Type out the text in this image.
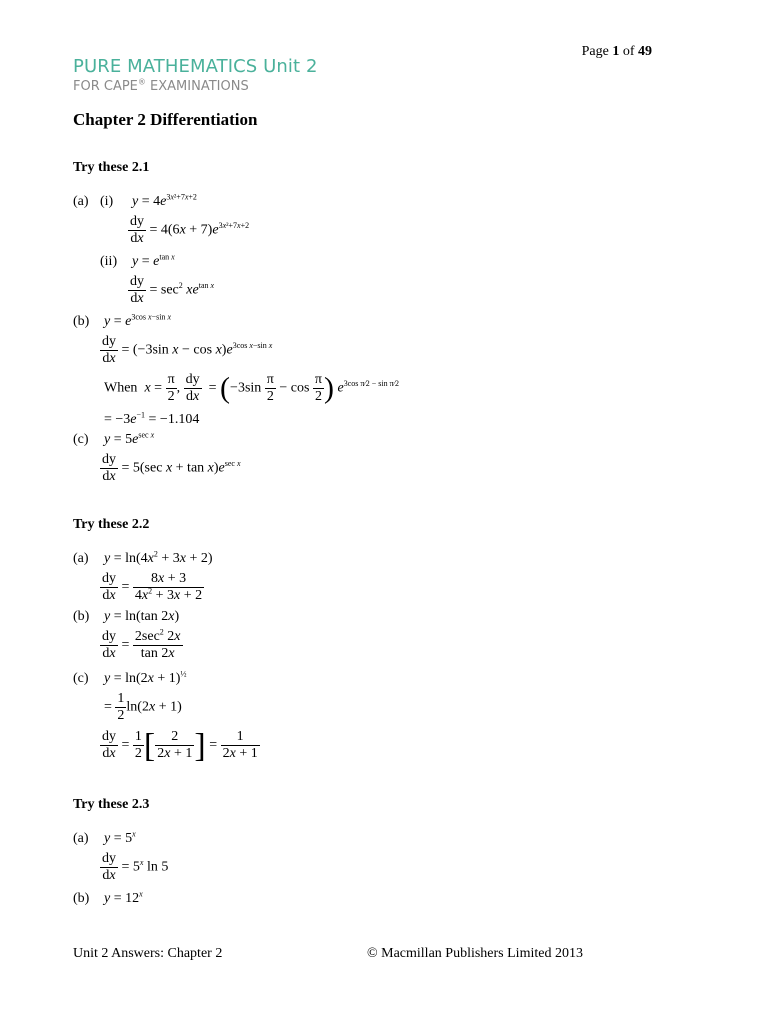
Page 1 of 49
PURE MATHEMATICS Unit 2
FOR CAPE® EXAMINATIONS
Chapter 2 Differentiation
Try these 2.1
(a) (i) $y = 4e^{3x^2+7x+2}$
$\frac{dy}{dx} = 4(6x + 7)e^{3x^2+7x+2}$
(ii) $y = e^{tan x}$
$\frac{dy}{dx} = \sec^2 xe^{tan x}$
(b) $y = e^{3cos x-sin x}$
$\frac{dy}{dx} = (-3\sin$ $x - \cos x)e^{3cos x-sin x}$
When $x = \frac{\pi}{2}$ , $\frac{dy}{dx} = (-3\sin \frac{\pi}{2} - \cos \frac{\pi}{2}$ ) $e^{3cos \pi⁄2 - sin \pi⁄2}$
= $-3e^{-1} = -1.104$
(c) $y = 5e^{sec x}$
$\frac{dy}{dx} = 5(\sec$ $x + \tan x)e^{sec x}$
Try these 2.2
(a) $y = \ln(4x^2 + 3x + 2)$
$\frac{dy}{dx} = \frac{8x + 3}{4x^2 + 3x + 2}$
(b) y = ln(tan 2x)
$\frac{dy}{dx} = \frac{2\sec^2 2x}{\tan 2x}$
(c) $y = \ln(2x + 1)^{\frac{1}{2}}$
= $\frac{1}{2} \ln(2x + 1)$
$\frac{dy}{dx} = \frac{1}{2}$ [ $\frac{2}{2x + 1}$ ] = $\frac{1}{2x + 1}$
Try these 2.3
(a) $y = 5^x$
$\frac{dy}{dx} = 5^x$ ln 5
(b) $y = 12^x$
Unit 2 Answers: Chapter 2	© Macmillan Publishers Limited 2013
